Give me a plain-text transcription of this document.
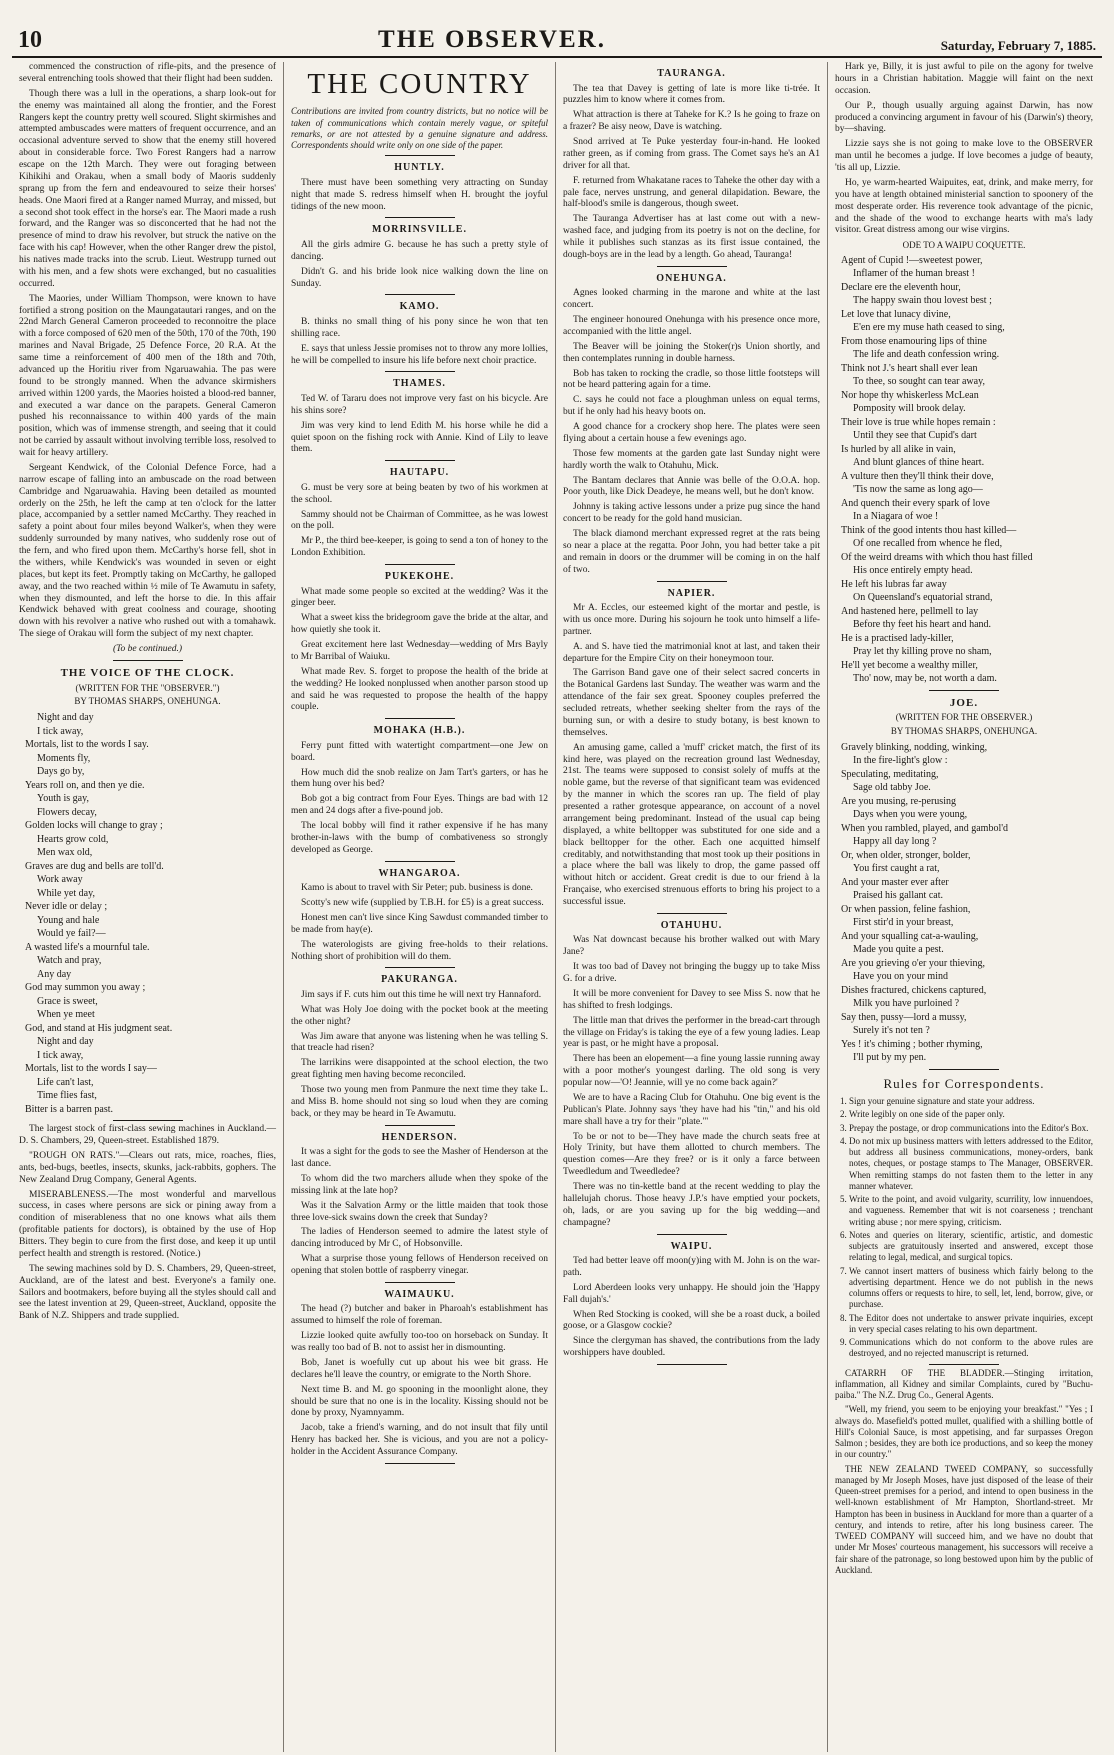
10	THE OBSERVER.	Saturday, February 7, 1885.

commenced the construction of rifle-pits, and the presence of several entrenching tools showed that their flight had been sudden.

Though there was a lull in the operations, a sharp look-out for the enemy was maintained all along the frontier, and the Forest Rangers kept the country pretty well scoured. Slight skirmishes and attempted ambuscades were matters of frequent occurrence, and an occasional adventure served to show that the enemy still hovered about in considerable force. Two Forest Rangers had a narrow escape on the 12th March. They were out foraging between Kihikihi and Orakau, when a small body of Maoris suddenly sprang up from the fern and endeavoured to seize their horses' heads. One Maori fired at a Ranger named Murray, and missed, but a second shot took effect in the horse's ear. The Maori made a rush forward, and the Ranger was so disconcerted that he had not the presence of mind to draw his revolver, but struck the native on the face with his cap! However, when the other Ranger drew the pistol, his natives made tracks into the scrub. Lieut. Westrupp turned out with his men, and a few shots were exchanged, but no casualities occurred.

The Maories, under William Thompson, were known to have fortified a strong position on the Maungatautari ranges, and on the 22nd March General Cameron proceeded to reconnoitre the place with a force composed of 620 men of the 50th, 170 of the 70th, 190 marines and Naval Brigade, 25 Defence Force, 20 R.A. At the same time a reinforcement of 400 men of the 18th and 70th, advanced up the Horitiu river from Ngaruawahia. The pas were found to be strongly manned. When the advance skirmishers arrived within 1200 yards, the Maories hoisted a blood-red banner, and executed a war dance on the parapets. General Cameron pushed his reconnaissance to within 400 yards of the main position, which was of immense strength, and seeing that it could not be carried by assault without involving terrible loss, resolved to wait for heavy artillery.

Sergeant Kendwick, of the Colonial Defence Force, had a narrow escape of falling into an ambuscade on the road between Cambridge and Ngaruawahia. Having been detailed as mounted orderly on the 25th, he left the camp at ten o'clock for the latter place, accompanied by a settler named McCarthy. They reached in safety a point about four miles beyond Walker's, when they were suddenly surrounded by many natives, who suddenly rose out of the fern, and who fired upon them. McCarthy's horse fell, shot in the withers, while Kendwick's was wounded in seven or eight places, but kept its feet. Promptly taking on McCarthy, he galloped away, and the two reached within ½ mile of Te Awamutu in safety, when they dismounted, and left the horse to die. In this affair Kendwick behaved with great coolness and courage, shooting down with his revolver a native who rushed out with a tomahawk. The siege of Orakau will form the subject of my next chapter.

(To be continued.)
THE VOICE OF THE CLOCK.
(WRITTEN FOR THE "OBSERVER.")
BY THOMAS SHARPS, ONEHUNGA.
Night and day
I tick away,
Mortals, list to the words I say.
Moments fly,
Days go by,
Years roll on, and then ye die.
Youth is gay,
Flowers decay,
Golden locks will change to gray ;
Hearts grow cold,
Men wax old,
Graves are dug and bells are toll'd.
Work away
While yet day,
Never idle or delay ;
Young and hale
Would ye fail?—
A wasted life's a mournful tale.
Watch and pray,
Any day
God may summon you away ;
Grace is sweet,
When ye meet
God, and stand at His judgment seat.
Night and day
I tick away,
Mortals, list to the words I say—
Life can't last,
Time flies fast,
Bitter is a barren past.

The largest stock of first-class sewing machines in Auckland.—D. S. Chambers, 29, Queen-street. Established 1879.

"ROUGH ON RATS."—Clears out rats, mice, roaches, flies, ants, bed-bugs, beetles, insects, skunks, jack-rabbits, gophers. The New Zealand Drug Company, General Agents.

MISERABLENESS.—The most wonderful and marvellous success, in cases where persons are sick or pining away from a condition of miserableness that no one knows what ails them (profitable patients for doctors), is obtained by the use of Hop Bitters. They begin to cure from the first dose, and keep it up until perfect health and strength is restored. (Notice.)

The sewing machines sold by D. S. Chambers, 29, Queen-street, Auckland, are of the latest and best. Everyone's a family one. Sailors and bootmakers, before buying all the styles should call and see the latest invention at 29, Queen-street, Auckland, opposite the Bank of N.Z. Shippers and trade supplied.

THE COUNTRY
Contributions are invited from country districts, but no notice will be taken of communications which contain merely vague, or spiteful remarks, or are not attested by a genuine signature and address. Correspondents should write only on one side of the paper.
HUNTLY.

There must have been something very attracting on Sunday night that made S. redress himself when H. brought the joyful tidings of the new moon.

MORRINSVILLE.

All the girls admire G. because he has such a pretty style of dancing.

Didn't G. and his bride look nice walking down the line on Sunday.

KAMO.

B. thinks no small thing of his pony since he won that ten shilling race.

E. says that unless Jessie promises not to throw any more lollies, he will be compelled to insure his life before next choir practice.

THAMES.

Ted W. of Tararu does not improve very fast on his bicycle. Are his shins sore?

Jim was very kind to lend Edith M. his horse while he did a quiet spoon on the fishing rock with Annie. Kind of Lily to leave them.

HAUTAPU.

G. must be very sore at being beaten by two of his workmen at the school.

Sammy should not be Chairman of Committee, as he was lowest on the poll.

Mr P., the third bee-keeper, is going to send a ton of honey to the London Exhibition.

PUKEKOHE.

What made some people so excited at the wedding? Was it the ginger beer.

What a sweet kiss the bridegroom gave the bride at the altar, and how quietly she took it.

Great excitement here last Wednesday—wedding of Mrs Bayly to Mr Barribal of Waiuku.

What made Rev. S. forget to propose the health of the bride at the wedding? He looked nonplussed when another parson stood up and said he was requested to propose the health of the happy couple.

MOHAKA (H.B.).

Ferry punt fitted with watertight compartment—one Jew on board.

How much did the snob realize on Jam Tart's garters, or has he them hung over his bed?

Bob got a big contract from Four Eyes. Things are bad with 12 men and 24 dogs after a five-pound job.

The local bobby will find it rather expensive if he has many brother-in-laws with the bump of combativeness so strongly developed as George.

WHANGAROA.

Kamo is about to travel with Sir Peter; pub. business is done.

Scotty's new wife (supplied by T.B.H. for £5) is a great success.

Honest men can't live since King Sawdust commanded timber to be made from hay(e).

The waterologists are giving free-holds to their relations. Nothing short of prohibition will do them.

PAKURANGA.

Jim says if F. cuts him out this time he will next try Hannaford.

What was Holy Joe doing with the pocket book at the meeting the other night?

Was Jim aware that anyone was listening when he was telling S. that treacle had risen?

The larrikins were disappointed at the school election, the two great fighting men having become reconciled.

Those two young men from Panmure the next time they take L. and Miss B. home should not sing so loud when they are coming back, or they may be heard in Te Awamutu.

HENDERSON.

It was a sight for the gods to see the Masher of Henderson at the last dance.

To whom did the two marchers allude when they spoke of the missing link at the late hop?

Was it the Salvation Army or the little maiden that took those three love-sick swains down the creek that Sunday?

The ladies of Henderson seemed to admire the latest style of dancing introduced by Mr C, of Hobsonville.

What a surprise those young fellows of Henderson received on opening that stolen bottle of raspberry vinegar.

WAIMAUKU.

The head (?) butcher and baker in Pharoah's establishment has assumed to himself the role of foreman.

Lizzie looked quite awfully too-too on horseback on Sunday. It was really too bad of B. not to assist her in dismounting.

Bob, Janet is woefully cut up about his wee bit grass. He declares he'll leave the country, or emigrate to the North Shore.

Next time B. and M. go spooning in the moonlight alone, they should be sure that no one is in the locality. Kissing should not be done by proxy, Nyamnyamm.

Jacob, take a friend's warning, and do not insult that fily until Henry has backed her. She is vicious, and you are not a policy-holder in the Accident Assurance Company.

TAURANGA.

The tea that Davey is getting of late is more like ti-trée. It puzzles him to know where it comes from.

What attraction is there at Taheke for K.? Is he going to fraze on a frazer? Be aisy neow, Dave is watching.

Snod arrived at Te Puke yesterday four-in-hand. He looked rather green, as if coming from grass. The Comet says he's an A1 driver for all that.

F. returned from Whakatane races to Taheke the other day with a pale face, nerves unstrung, and general dilapidation. Beware, the half-blood's smile is dangerous, though sweet.

The Tauranga Advertiser has at last come out with a new-washed face, and judging from its poetry is not on the decline, for while it publishes such stanzas as its first issue contained, the dough-boys are in the lead by a length. Go ahead, Tauranga!

ONEHUNGA.

Agnes looked charming in the marone and white at the last concert.

The engineer honoured Onehunga with his presence once more, accompanied with the little angel.

The Beaver will be joining the Stoker(r)s Union shortly, and then contemplates running in double harness.

Bob has taken to rocking the cradle, so those little footsteps will not be heard pattering again for a time.

C. says he could not face a ploughman unless on equal terms, but if he only had his heavy boots on.

A good chance for a crockery shop here. The plates were seen flying about a certain house a few evenings ago.

Those few moments at the garden gate last Sunday night were hardly worth the walk to Otahuhu, Mick.

The Bantam declares that Annie was belle of the O.O.A. hop. Poor youth, like Dick Deadeye, he means well, but he don't know.

Johnny is taking active lessons under a prize pug since the hand concert to be ready for the gold hand musician.

The black diamond merchant expressed regret at the rats being so near a place at the regatta. Poor John, you had better take a pit and remain in doors or the drummer will be coming in on the half of two.

NAPIER.

Mr A. Eccles, our esteemed kight of the mortar and pestle, is with us once more. During his sojourn he took unto himself a life-partner.

A. and S. have tied the matrimonial knot at last, and taken their departure for the Empire City on their honeymoon tour.

The Garrison Band gave one of their select sacred concerts in the Botanical Gardens last Sunday. The weather was warm and the attendance of the fair sex great. Spooney couples preferred the secluded retreats, whether seeking shelter from the rays of the burning sun, or with a desire to study botany, is best known to themselves.

An amusing game, called a 'muff' cricket match, the first of its kind here, was played on the recreation ground last Wednesday, 21st. The teams were supposed to consist solely of muffs at the noble game, but the reverse of that significant team was evidenced by the manner in which the scores ran up. The field of play presented a rather grotesque appearance, on account of a novel arrangement being predominant. Instead of the usual cap being displayed, a white belltopper was substituted for one side and a black belltopper for the other. Each one acquitted himself creditably, and notwithstanding that most took up their positions in a place where the ball was likely to drop, the game passed off without hitch or accident. Great credit is due to our friend à la Française, who exercised strenuous efforts to bring his project to a successful issue.

OTAHUHU.

Was Nat downcast because his brother walked out with Mary Jane?

It was too bad of Davey not bringing the buggy up to take Miss G. for a drive.

It will be more convenient for Davey to see Miss S. now that he has shifted to fresh lodgings.

The little man that drives the performer in the bread-cart through the village on Friday's is taking the eye of a few young ladies. Leap year is past, or he might have a proposal.

There has been an elopement—a fine young lassie running away with a poor mother's youngest darling. The old song is very popular now—'O! Jeannie, will ye no come back again?'

We are to have a Racing Club for Otahuhu. One big event is the Publican's Plate. Johnny says 'they have had his "tin," and his old mare shall have a try for their "plate."'

To be or not to be—They have made the church seats free at Holy Trinity, but have them allotted to church members. The question comes—Are they free? or is it only a farce between Tweedledum and Tweedledee?

There was no tin-kettle band at the recent wedding to play the hallelujah chorus. Those heavy J.P.'s have emptied your pockets, oh, lads, or are you saving up for the big wedding—and champagne?

WAIPU.

Ted had better leave off moon(y)ing with M. John is on the war-path.

Lord Aberdeen looks very unhappy. He should join the 'Happy Fall dujah's.'

When Red Stocking is cooked, will she be a roast duck, a boiled goose, or a Glasgow cockie?

Since the clergyman has shaved, the contributions from the lady worshippers have doubled.

Hark ye, Billy, it is just awful to pile on the agony for twelve hours in a Christian habitation. Maggie will faint on the next occasion.

Our P., though usually arguing against Darwin, has now produced a convincing argument in favour of his (Darwin's) theory, by—shaving.

Lizzie says she is not going to make love to the OBSERVER man until he becomes a judge. If love becomes a judge of beauty, 'tis all up, Lizzie.

Ho, ye warm-hearted Waipuites, eat, drink, and make merry, for you have at length obtained ministerial sanction to spoonery of the most desperate order. His reverence took advantage of the picnic, and the shade of the wood to exchange hearts with ma's lady visitor. Great distress among our wise virgins.

ODE TO A WAIPU COQUETTE.
Agent of Cupid !—sweetest power,
Inflamer of the human breast !
Declare ere the eleventh hour,
The happy swain thou lovest best ;
Let love that lunacy divine,
E'en ere my muse hath ceased to sing,
From those enamouring lips of thine
The life and death confession wring.
Think not J.'s heart shall ever lean
To thee, so sought can tear away,
Nor hope thy whiskerless McLean
Pomposity will brook delay.
Their love is true while hopes remain :
Until they see that Cupid's dart
Is hurled by all alike in vain,
And blunt glances of thine heart.
A vulture then they'll think their dove,
'Tis now the same as long ago—
And quench their every spark of love
In a Niagara of woe !
Think of the good intents thou hast killed—
Of one recalled from whence he fled,
Of the weird dreams with which thou hast filled
His once entirely empty head.
He left his lubras far away
On Queensland's equatorial strand,
And hastened here, pellmell to lay
Before thy feet his heart and hand.
He is a practised lady-killer,
Pray let thy killing prove no sham,
He'll yet become a wealthy miller,
Tho' now, may be, not worth a dam.
JOE.
(WRITTEN FOR THE OBSERVER.)
BY THOMAS SHARPS, ONEHUNGA.
Gravely blinking, nodding, winking,
In the fire-light's glow :
Speculating, meditating,
Sage old tabby Joe.
Are you musing, re-perusing
Days when you were young,
When you rambled, played, and gambol'd
Happy all day long ?
Or, when older, stronger, bolder,
You first caught a rat,
And your master ever after
Praised his gallant cat.
Or when passion, feline fashion,
First stir'd in your breast,
And your squalling cat-a-wauling,
Made you quite a pest.
Are you grieving o'er your thieving,
Have you on your mind
Dishes fractured, chickens captured,
Milk you have purloined ?
Say then, pussy—lord a mussy,
Surely it's not ten ?
Yes ! it's chiming ; bother rhyming,
I'll put by my pen.
Rules for Correspondents.
1. Sign your genuine signature and state your address.
2. Write legibly on one side of the paper only.
3. Prepay the postage, or drop communications into the Editor's Box.
4. Do not mix up business matters with letters addressed to the Editor, but address all business communications, money-orders, bank notes, cheques, or postage stamps to The Manager, OBSERVER. When remitting stamps do not fasten them to the letter in any manner whatever.
5. Write to the point, and avoid vulgarity, scurrility, low innuendoes, and vagueness. Remember that wit is not coarseness ; trenchant writing abuse ; nor mere spying, criticism.
6. Notes and queries on literary, scientific, artistic, and domestic subjects are gratuitously inserted and answered, except those relating to legal, medical, and surgical topics.
7. We cannot insert matters of business which fairly belong to the advertising department. Hence we do not publish in the news columns offers or requests to hire, to sell, let, lend, borrow, give, or purchase.
8. The Editor does not undertake to answer private inquiries, except in very special cases relating to his own department.
9. Communications which do not conform to the above rules are destroyed, and no rejected manuscript is returned.

CATARRH OF THE BLADDER.—Stinging irritation, inflammation, all Kidney and similar Complaints, cured by "Buchu-paiba." The N.Z. Drug Co., General Agents.

"Well, my friend, you seem to be enjoying your breakfast." "Yes ; I always do. Masefield's potted mullet, qualified with a shilling bottle of Hill's Colonial Sauce, is most appetising, and far surpasses Oregon Salmon ; besides, they are both ice productions, and so keep the money in our country."

THE NEW ZEALAND TWEED COMPANY, so successfully managed by Mr Joseph Moses, have just disposed of the lease of their Queen-street premises for a period, and intend to open business in the well-known establishment of Mr Hampton, Shortland-street. Mr Hampton has been in business in Auckland for more than a quarter of a century, and intends to retire, after his long business career. The TWEED COMPANY will succeed him, and we have no doubt that under Mr Moses' courteous management, his successors will receive a fair share of the patronage, so long bestowed upon him by the public of Auckland.
